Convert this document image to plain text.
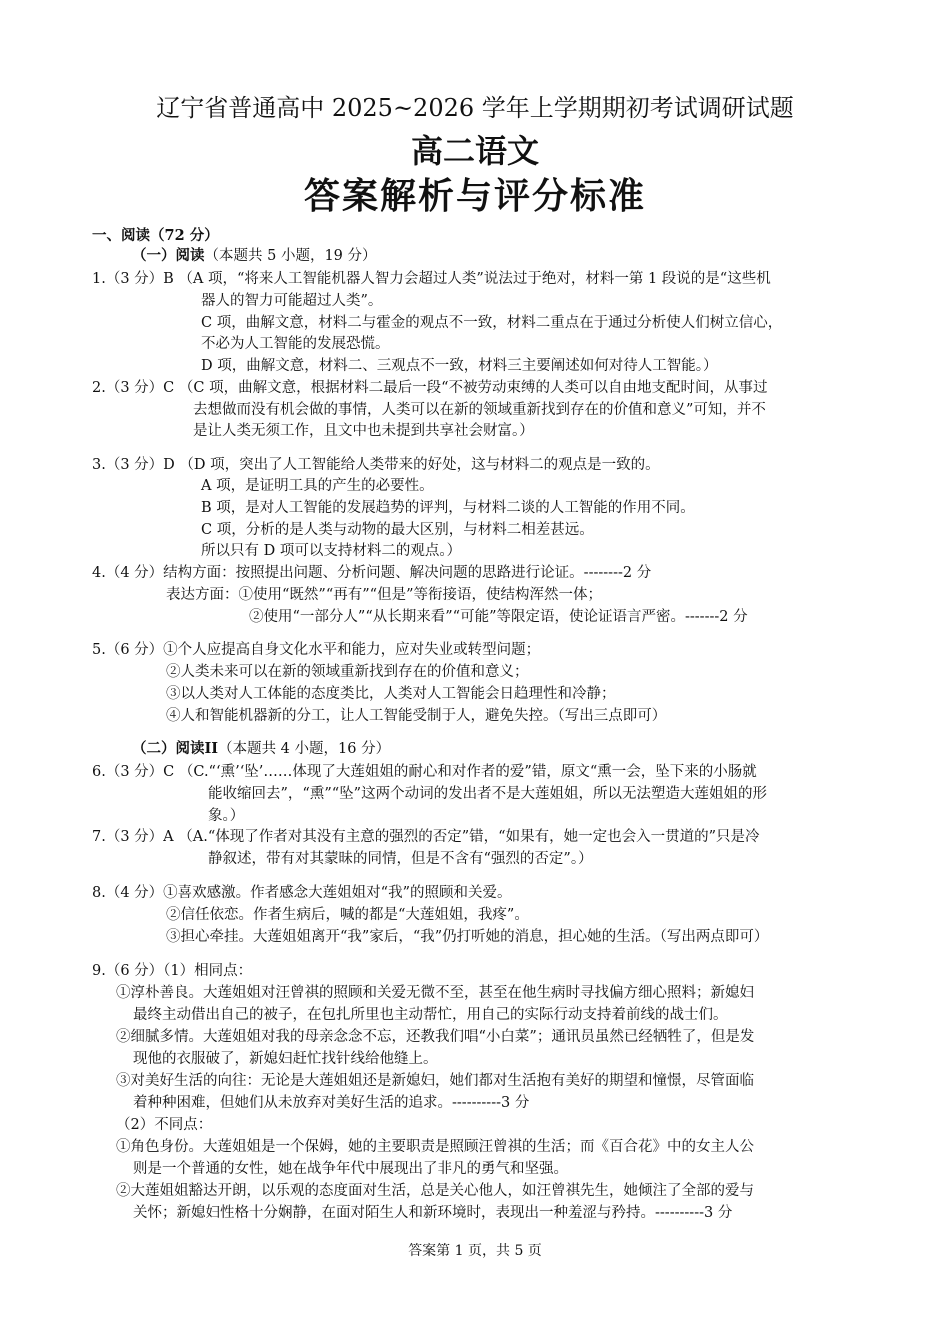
辽宁省普通高中 2025~2026 学年上学期期初考试调研试题
高二语文
答案解析与评分标准
一、阅读（72 分）
（一）阅读（本题共 5 小题，19 分）
1.（3 分）B （A 项，“将来人工智能机器人智力会超过人类”说法过于绝对，材料一第 1 段说的是“这些机
器人的智力可能超过人类”。
C 项，曲解文意，材料二与霍金的观点不一致，材料二重点在于通过分析使人们树立信心，
不必为人工智能的发展恐慌。
D 项，曲解文意，材料二、三观点不一致，材料三主要阐述如何对待人工智能。）
2.（3 分）C （C 项，曲解文意，根据材料二最后一段“不被劳动束缚的人类可以自由地支配时间，从事过
去想做而没有机会做的事情，人类可以在新的领域重新找到存在的价值和意义”可知，并不
是让人类无须工作，且文中也未提到共享社会财富。）
3.（3 分）D （D 项，突出了人工智能给人类带来的好处，这与材料二的观点是一致的。
A 项，是证明工具的产生的必要性。
B 项，是对人工智能的发展趋势的评判，与材料二谈的人工智能的作用不同。
C 项，分析的是人类与动物的最大区别，与材料二相差甚远。
所以只有 D 项可以支持材料二的观点。）
4.（4 分）结构方面：按照提出问题、分析问题、解决问题的思路进行论证。--------2 分
表达方面：①使用“既然”“再有”“但是”等衔接语，使结构浑然一体；
②使用“一部分人”“从长期来看”“可能”等限定语，使论证语言严密。-------2 分
5.（6 分）①个人应提高自身文化水平和能力，应对失业或转型问题；
②人类未来可以在新的领域重新找到存在的价值和意义；
③以人类对人工体能的态度类比，人类对人工智能会日趋理性和冷静；
④人和智能机器新的分工，让人工智能受制于人，避免失控。（写出三点即可）
（二）阅读II（本题共 4 小题，16 分）
6.（3 分）C （C.“‘熏’‘坠’……体现了大莲姐姐的耐心和对作者的爱”错，原文“熏一会，坠下来的小肠就
能收缩回去”，“熏”“坠”这两个动词的发出者不是大莲姐姐，所以无法塑造大莲姐姐的形
象。）
7.（3 分）A （A.“体现了作者对其没有主意的强烈的否定”错，“如果有，她一定也会入一贯道的”只是冷
静叙述，带有对其蒙昧的同情，但是不含有“强烈的否定”。）
8.（4 分）①喜欢感激。作者感念大莲姐姐对“我”的照顾和关爱。
②信任依恋。作者生病后，喊的都是“大莲姐姐，我疼”。
③担心牵挂。大莲姐姐离开“我”家后，“我”仍打听她的消息，担心她的生活。（写出两点即可）
9.（6 分）（1）相同点：
①淳朴善良。大莲姐姐对汪曾祺的照顾和关爱无微不至，甚至在他生病时寻找偏方细心照料；新媳妇
最终主动借出自己的被子，在包扎所里也主动帮忙，用自己的实际行动支持着前线的战士们。
②细腻多情。大莲姐姐对我的母亲念念不忘，还教我们唱“小白菜”；通讯员虽然已经牺牲了，但是发
现他的衣服破了，新媳妇赶忙找针线给他缝上。
③对美好生活的向往：无论是大莲姐姐还是新媳妇，她们都对生活抱有美好的期望和憧憬，尽管面临
着种种困难，但她们从未放弃对美好生活的追求。----------3 分
（2）不同点：
①角色身份。大莲姐姐是一个保姆，她的主要职责是照顾汪曾祺的生活；而《百合花》中的女主人公
则是一个普通的女性，她在战争年代中展现出了非凡的勇气和坚强。
②大莲姐姐豁达开朗，以乐观的态度面对生活，总是关心他人，如汪曾祺先生，她倾注了全部的爱与
关怀；新媳妇性格十分娴静，在面对陌生人和新环境时，表现出一种羞涩与矜持。----------3 分
答案第 1 页，共 5 页
